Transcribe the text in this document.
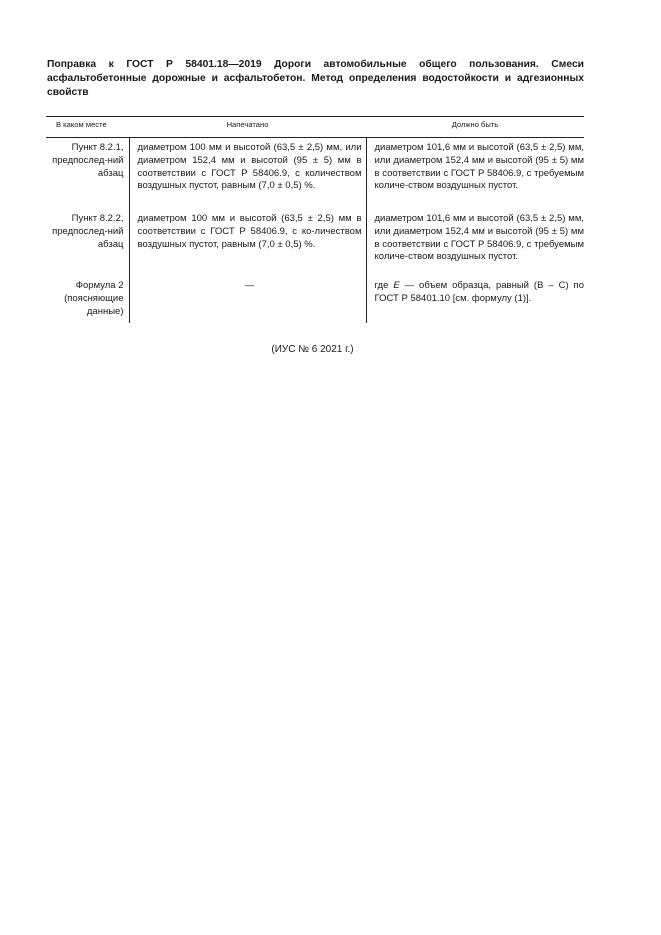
Поправка к ГОСТ Р 58401.18—2019 Дороги автомобильные общего пользования. Смеси асфальтобетонные дорожные и асфальтобетон. Метод определения водостойкости и адгезионных свойств
В каком месте	Напечатано	Должно быть
Пункт 8.2.1, предпослед-ний абзац	диаметром 100 мм и высотой (63,5 ± 2,5) мм, или диаметром 152,4 мм и высотой (95 ± 5) мм в соответствии с ГОСТ Р 58406.9, с количеством воздушных пустот, равным (7,0 ± 0,5) %.	диаметром 101,6 мм и высотой (63,5 ± 2,5) мм, или диаметром 152,4 мм и высотой (95 ± 5) мм в соответствии с ГОСТ Р 58406.9, с требуемым количе-ством воздушных пустот.
Пункт 8.2.2, предпослед-ний абзац	диаметром 100 мм и высотой (63,5 ± 2,5) мм в соответствии с ГОСТ Р 58406.9, с ко-личеством воздушных пустот, равным (7,0 ± 0,5) %.	диаметром 101,6 мм и высотой (63,5 ± 2,5) мм, или диаметром 152,4 мм и высотой (95 ± 5) мм в соответствии с ГОСТ Р 58406.9, с требуемым количе-ством воздушных пустот.
Формула 2 (поясняющие данные)	—	где E — объем образца, равный (B – C) по ГОСТ Р 58401.10 [см. формулу (1)].
(ИУС № 6 2021 г.)
